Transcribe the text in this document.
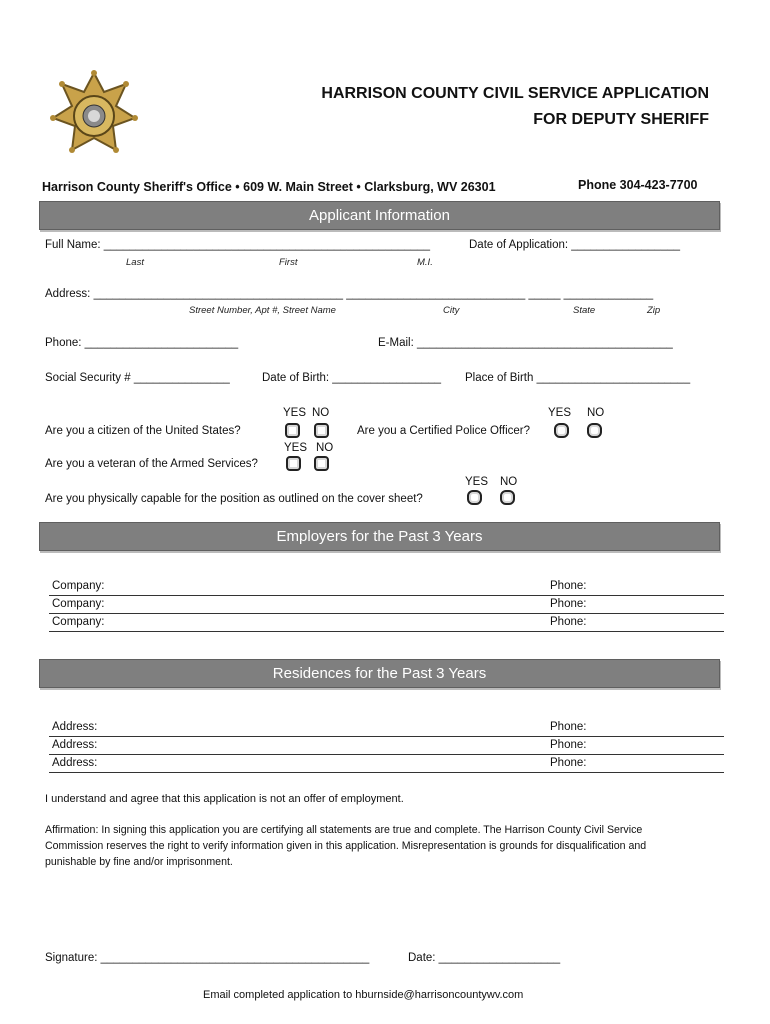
HARRISON COUNTY CIVIL SERVICE APPLICATION
FOR DEPUTY SHERIFF
Harrison County Sheriff's Office • 609 W. Main Street • Clarksburg, WV 26301	Phone 304-423-7700
Applicant Information
Full Name: ___________________________________________________	Date of Application: _________________
Last	First	M.I.
Address: _______________________________________ ____________________________ _____ ______________
Street Number, Apt #, Street Name	City	State	Zip
Phone: ________________________	E-Mail: ________________________________________
Social Security # _______________	Date of Birth: _________________ Place of Birth ________________________
YES NO
Are you a citizen of the United States?
YES NO
Are you a Certified Police Officer?
YES NO
Are you a veteran of the Armed Services?
YES NO
Are you physically capable for the position as outlined on the cover sheet?
Employers for the Past 3 Years
Company:	Phone:
Company:	Phone:
Company:	Phone:
Residences for the Past 3 Years
Address:	Phone:
Address:	Phone:
Address:	Phone:
I understand and agree that this application is not an offer of employment.
Affirmation: In signing this application you are certifying all statements are true and complete. The Harrison County Civil Service
Commission reserves the right to verify information given in this application. Misrepresentation is grounds for disqualification and
punishable by fine and/or imprisonment.
Signature: __________________________________________	Date: ___________________
Email completed application to hburnside@harrisoncountywv.com
